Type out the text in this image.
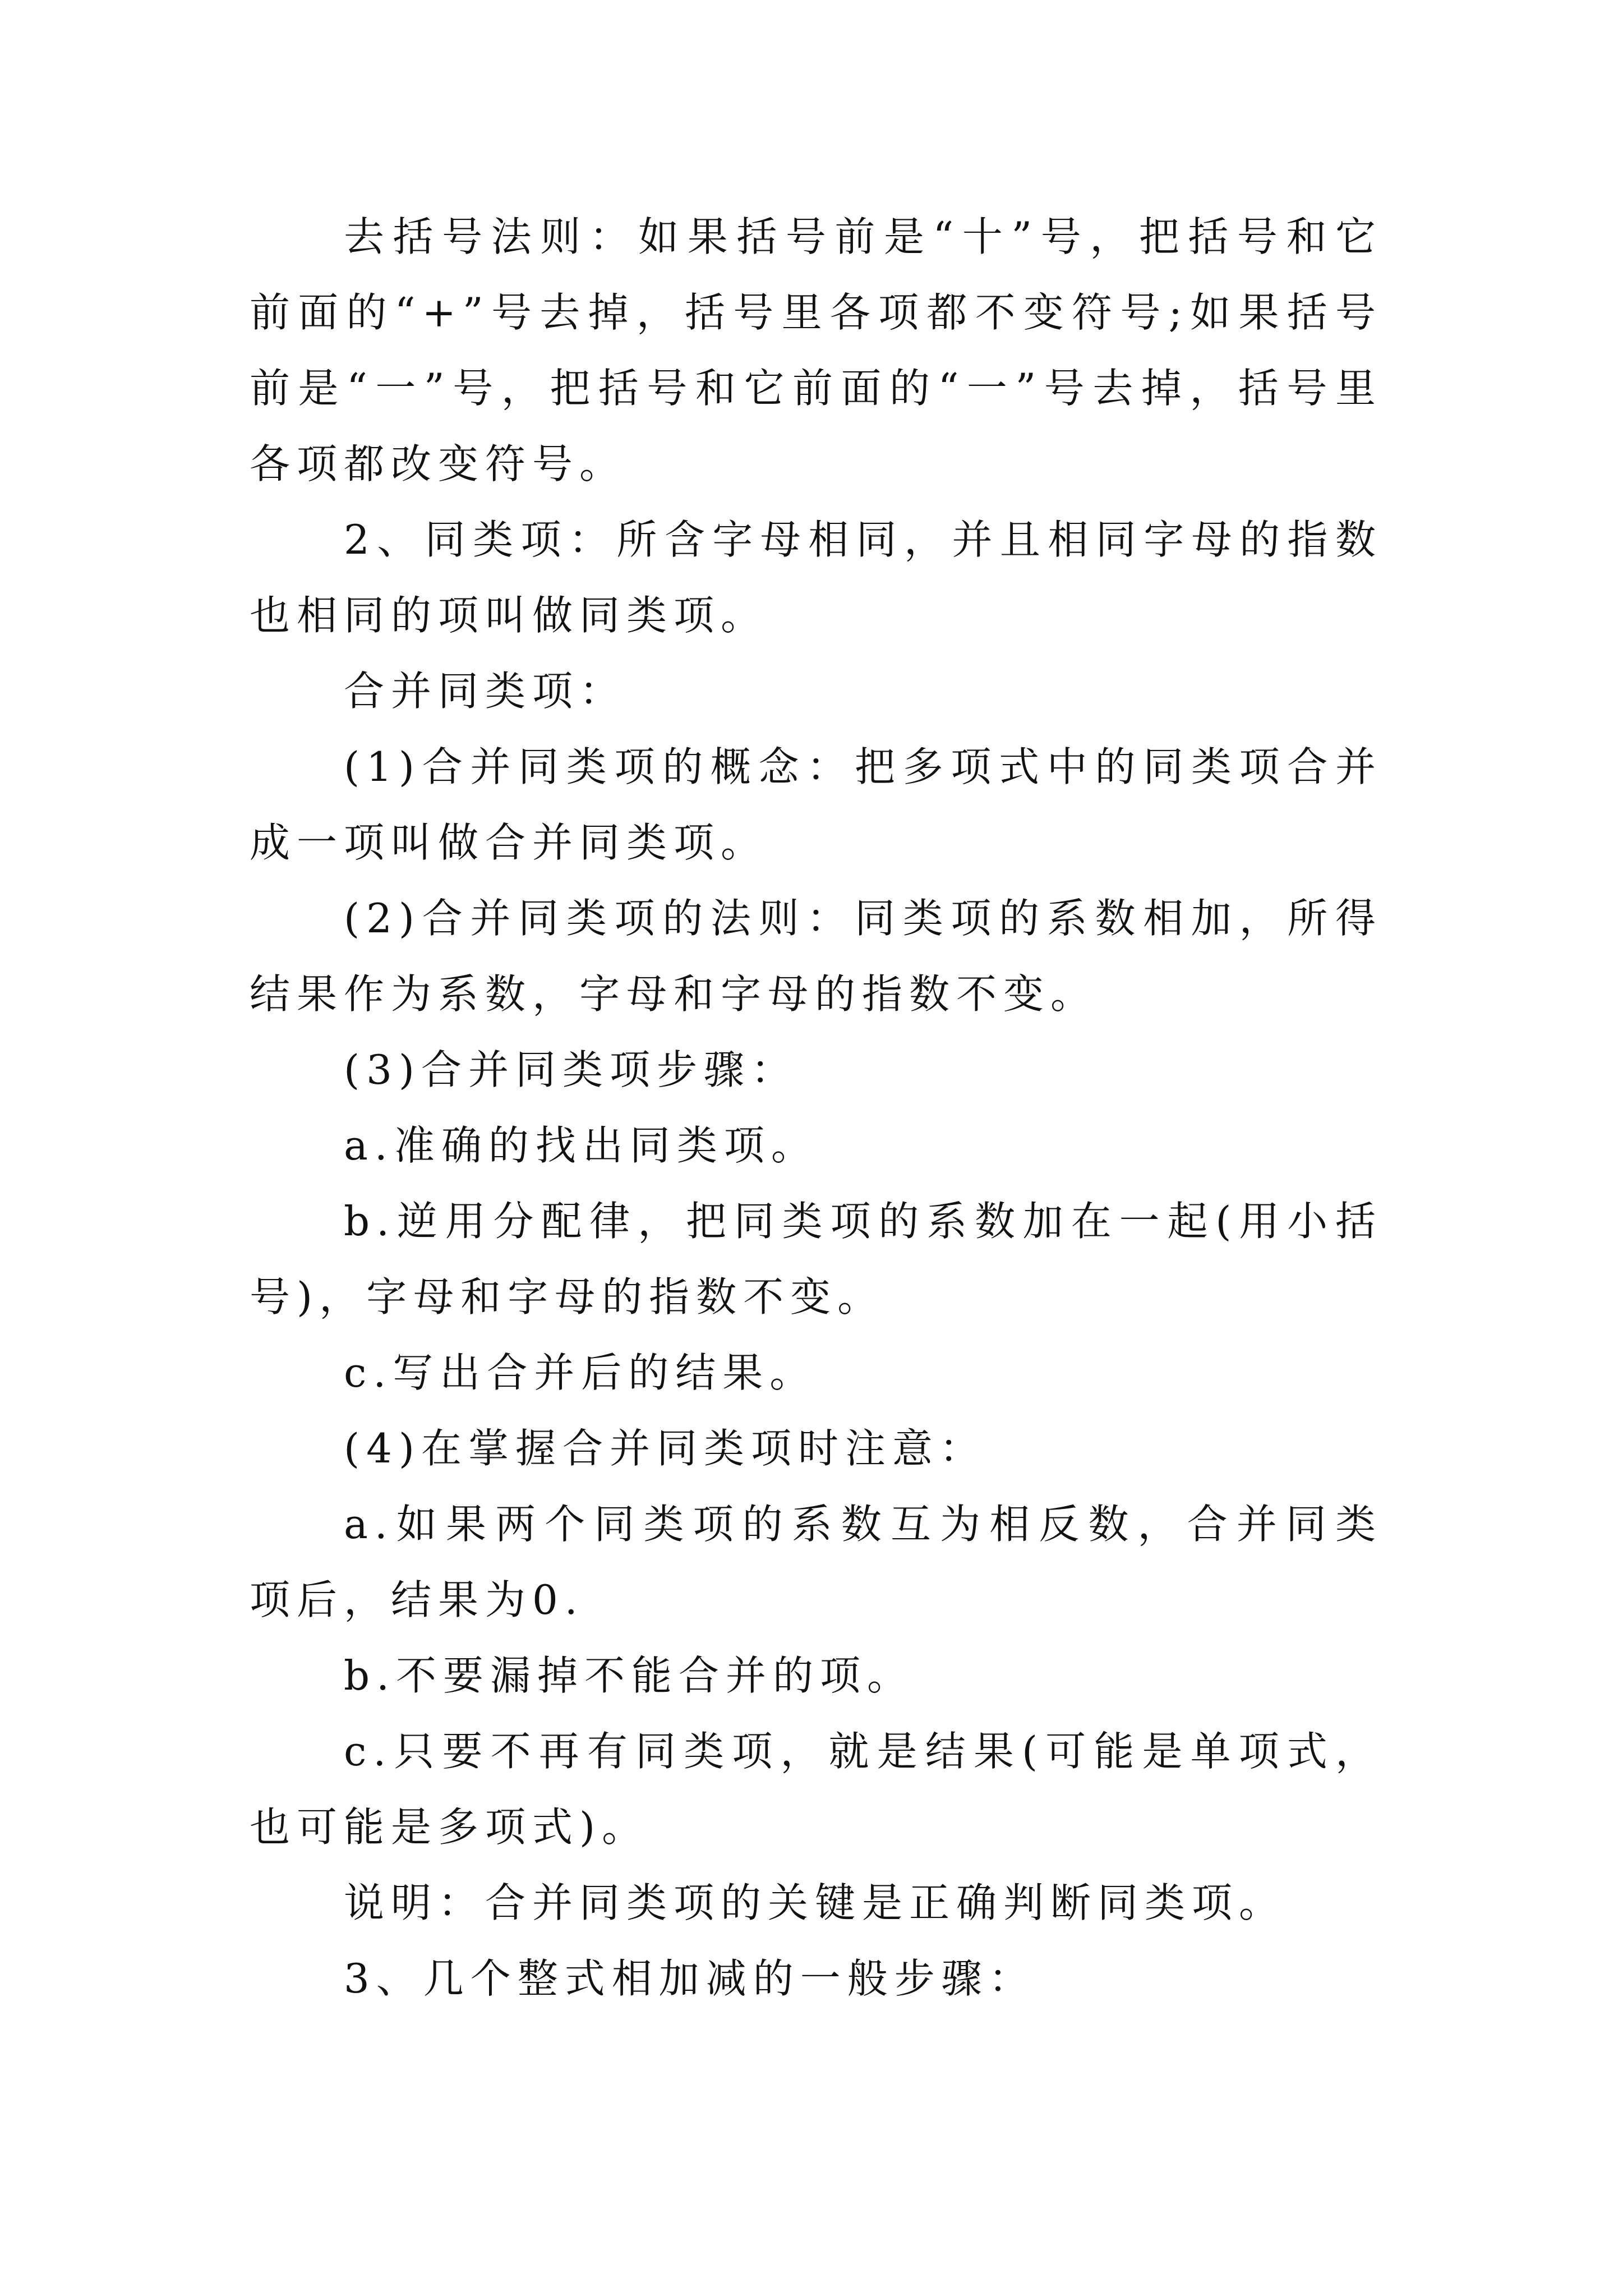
去括号法则：如果括号前是“十”号，把括号和它前面的“+”号去掉，括号里各项都不变符号;如果括号前是“一”号，把括号和它前面的“一”号去掉，括号里各项都改变符号。

2、同类项：所含字母相同，并且相同字母的指数也相同的项叫做同类项。

合并同类项：

(1)合并同类项的概念：把多项式中的同类项合并成一项叫做合并同类项。

(2)合并同类项的法则：同类项的系数相加，所得结果作为系数，字母和字母的指数不变。

(3)合并同类项步骤：

a.准确的找出同类项。

b.逆用分配律，把同类项的系数加在一起(用小括号)，字母和字母的指数不变。

c.写出合并后的结果。

(4)在掌握合并同类项时注意：

a.如果两个同类项的系数互为相反数，合并同类项后，结果为0.

b.不要漏掉不能合并的项。

c.只要不再有同类项，就是结果(可能是单项式，也可能是多项式)。

说明：合并同类项的关键是正确判断同类项。

3、几个整式相加减的一般步骤：
